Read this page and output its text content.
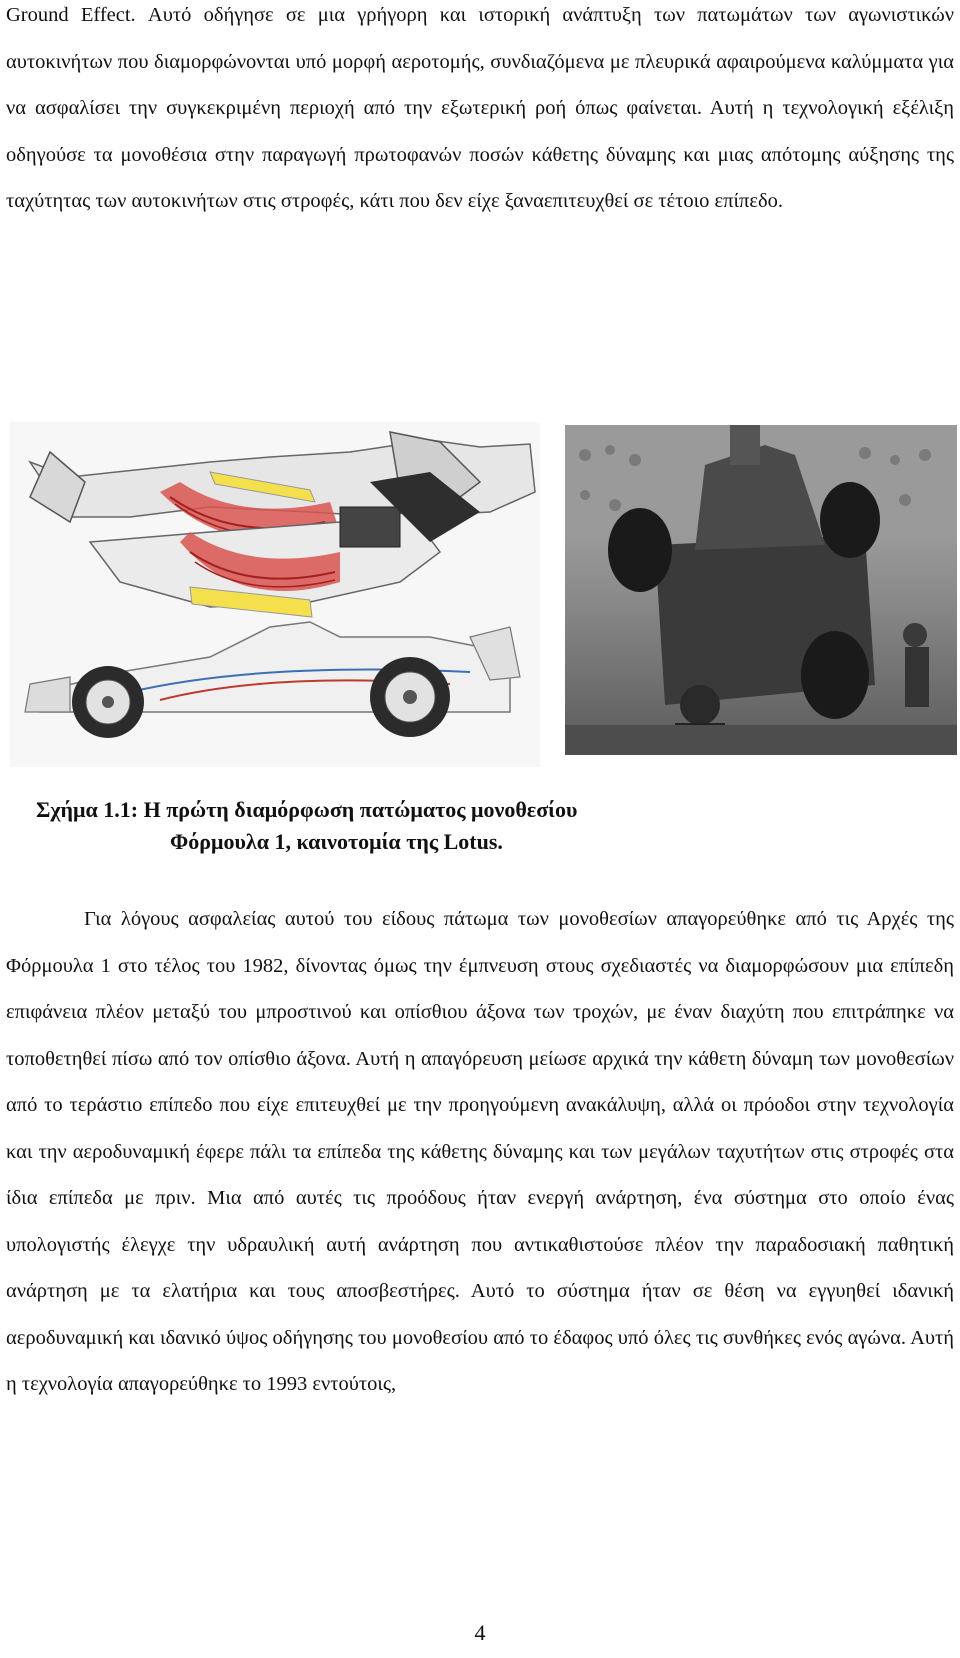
Ground Effect. Αυτό οδήγησε σε μια γρήγορη και ιστορική ανάπτυξη των πατωμάτων των αγωνιστικών αυτοκινήτων που διαμορφώνονται υπό μορφή αεροτομής, συνδιαζόμενα με πλευρικά αφαιρούμενα καλύμματα για να ασφαλίσει την συγκεκριμένη περιοχή από την εξωτερική ροή όπως φαίνεται. Αυτή η τεχνολογική εξέλιξη οδηγούσε τα μονοθέσια στην παραγωγή πρωτοφανών ποσών κάθετης δύναμης και μιας απότομης αύξησης της ταχύτητας των αυτοκινήτων στις στροφές, κάτι που δεν είχε ξαναεπιτευχθεί σε τέτοιο επίπεδο.

Σχήμα 1.1: Η πρώτη διαμόρφωση πατώματος μονοθεσίου
Φόρμουλα 1, καινοτομία της Lotus.

Για λόγους ασφαλείας αυτού του είδους πάτωμα των μονοθεσίων απαγορεύθηκε από τις Αρχές της Φόρμουλα 1 στο τέλος του 1982, δίνοντας όμως την έμπνευση στους σχεδιαστές να διαμορφώσουν μια επίπεδη επιφάνεια πλέον μεταξύ του μπροστινού και οπίσθιου άξονα των τροχών, με έναν διαχύτη που επιτράπηκε να τοποθετηθεί πίσω από τον οπίσθιο άξονα. Αυτή η απαγόρευση μείωσε αρχικά την κάθετη δύναμη των μονοθεσίων από το τεράστιο επίπεδο που είχε επιτευχθεί με την προηγούμενη ανακάλυψη, αλλά οι πρόοδοι στην τεχνολογία και την αεροδυναμική έφερε πάλι τα επίπεδα της κάθετης δύναμης και των μεγάλων ταχυτήτων στις στροφές στα ίδια επίπεδα με πριν. Μια από αυτές τις προόδους ήταν ενεργή ανάρτηση, ένα σύστημα στο οποίο ένας υπολογιστής έλεγχε την υδραυλική αυτή ανάρτηση που αντικαθιστούσε πλέον την παραδοσιακή παθητική ανάρτηση με τα ελατήρια και τους αποσβεστήρες. Αυτό το σύστημα ήταν σε θέση να εγγυηθεί ιδανική αεροδυναμική και ιδανικό ύψος οδήγησης του μονοθεσίου από το έδαφος υπό όλες τις συνθήκες ενός αγώνα. Αυτή η τεχνολογία απαγορεύθηκε το 1993 εντούτοις,

4
